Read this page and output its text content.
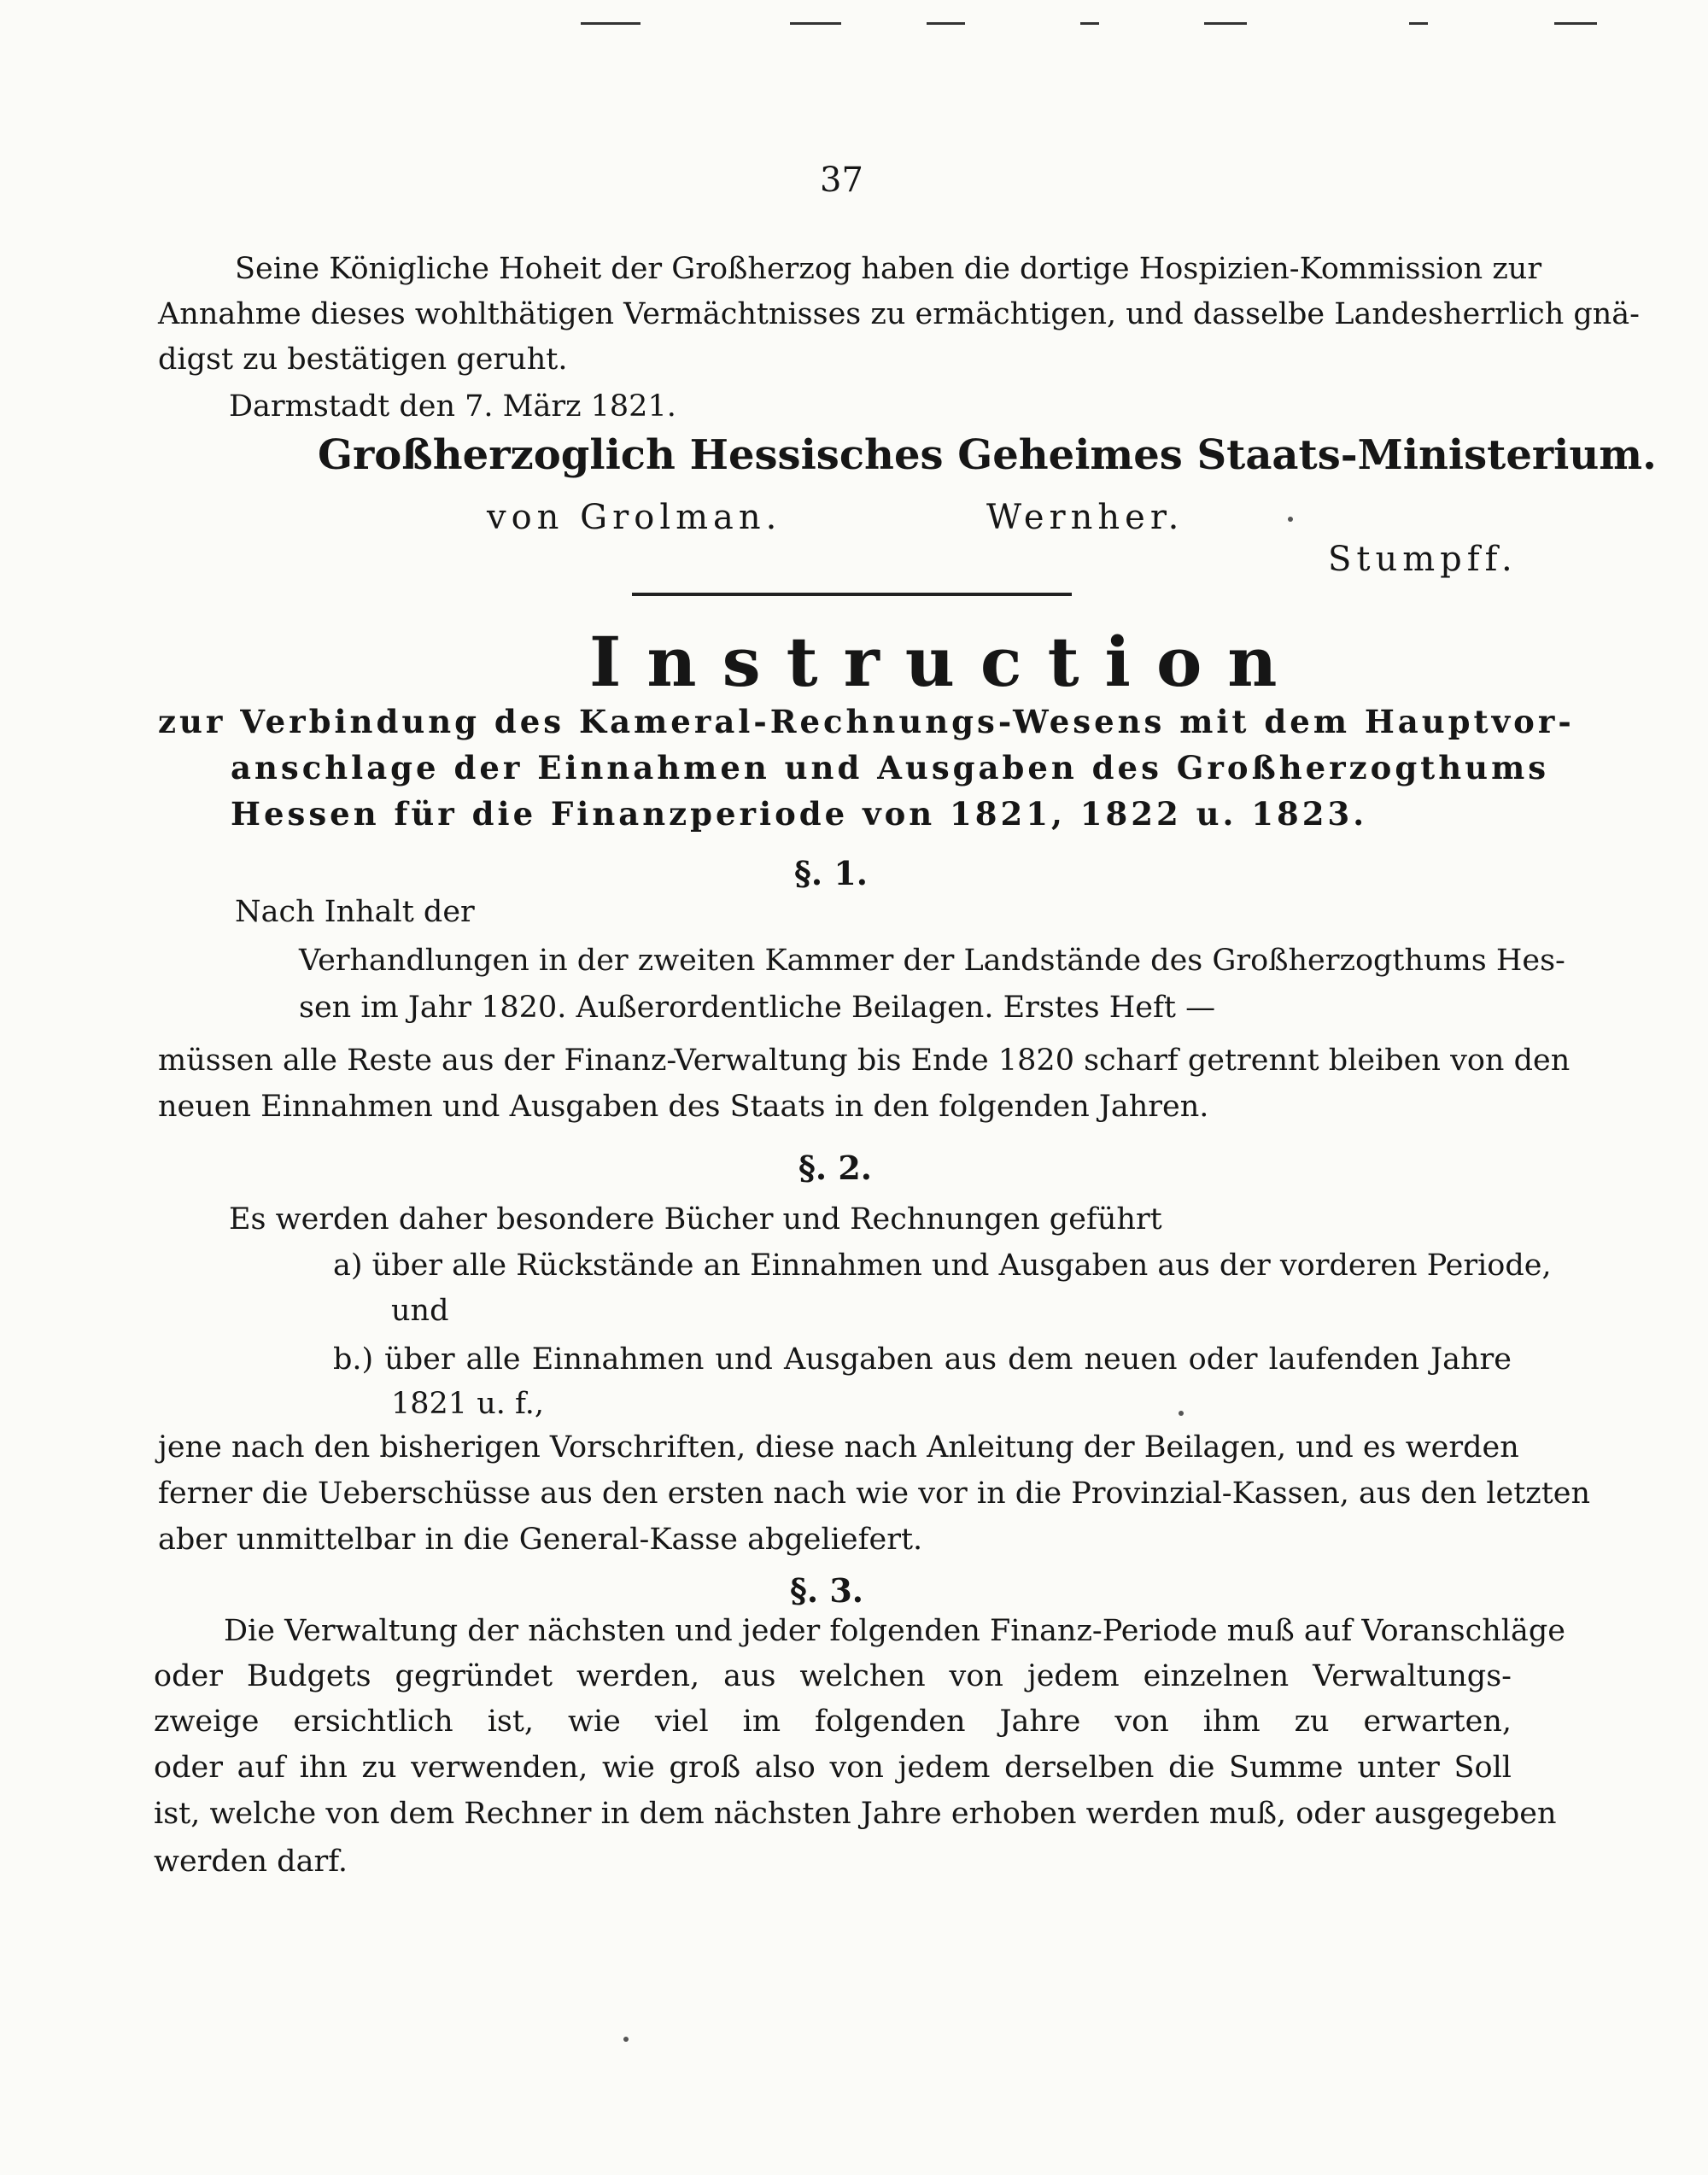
37
Seine Königliche Hoheit der Großherzog haben die dortige Hospizien-Kommission zur
Annahme dieses wohlthätigen Vermächtnisses zu ermächtigen, und dasselbe Landesherrlich gnä-
digst zu bestätigen geruht.
Darmstadt den 7. März 1821.
Großherzoglich Hessisches Geheimes Staats-Ministerium.
von Grolman.	Wernher.
Stumpff.
Instruction
zur Verbindung des Kameral-Rechnungs-Wesens mit dem Hauptvor-
anschlage der Einnahmen und Ausgaben des Großherzogthums
Hessen für die Finanzperiode von 1821, 1822 u. 1823.
§. 1.
Nach Inhalt der
Verhandlungen in der zweiten Kammer der Landstände des Großherzogthums Hes-
sen im Jahr 1820. Außerordentliche Beilagen. Erstes Heft —
müssen alle Reste aus der Finanz-Verwaltung bis Ende 1820 scharf getrennt bleiben von den
neuen Einnahmen und Ausgaben des Staats in den folgenden Jahren.
§. 2.
Es werden daher besondere Bücher und Rechnungen geführt
a) über alle Rückstände an Einnahmen und Ausgaben aus der vorderen Periode,
und
b.) über alle Einnahmen und Ausgaben aus dem neuen oder laufenden Jahre
1821 u. f.,
jene nach den bisherigen Vorschriften, diese nach Anleitung der Beilagen, und es werden
ferner die Ueberschüsse aus den ersten nach wie vor in die Provinzial-Kassen, aus den letzten
aber unmittelbar in die General-Kasse abgeliefert.
§. 3.
Die Verwaltung der nächsten und jeder folgenden Finanz-Periode muß auf Voranschläge
oder Budgets gegründet werden, aus welchen von jedem einzelnen Verwaltungs-
zweige ersichtlich ist, wie viel im folgenden Jahre von ihm zu erwarten,
oder auf ihn zu verwenden, wie groß also von jedem derselben die Summe unter Soll
ist, welche von dem Rechner in dem nächsten Jahre erhoben werden muß, oder ausgegeben
werden darf.
